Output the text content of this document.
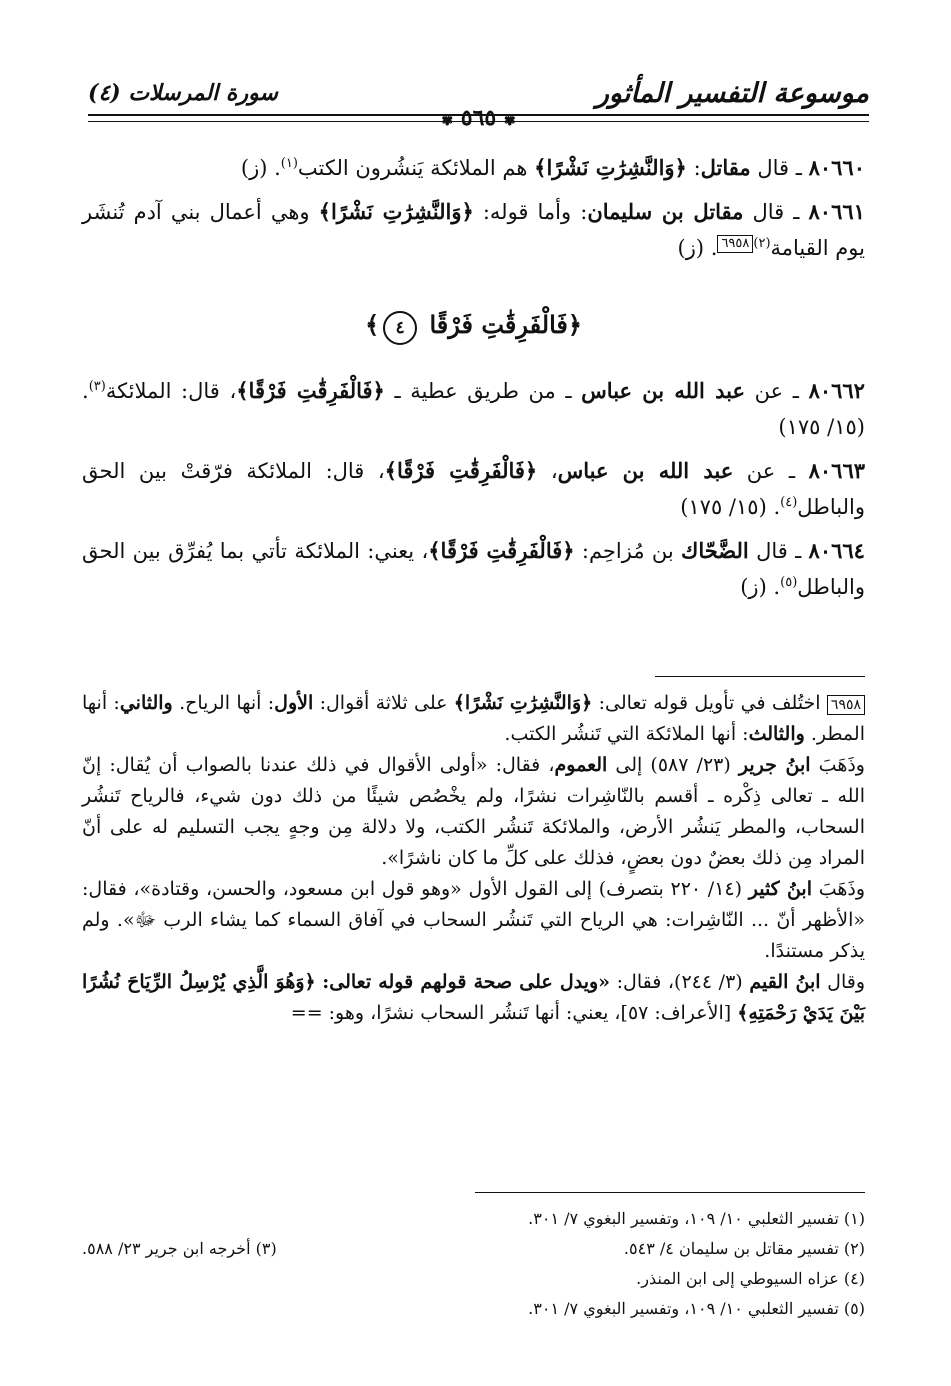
موسوعة التفسير المأثور
✾ ٥٦٥ ✾
سورة المرسلات (٤)

٨٠٦٦٠ ـ قال مقاتل: ﴿وَالنَّشِرَٰتِ نَشْرًا﴾ هم الملائكة يَنشُرون الكتب$^{(١)}$. (ز)

٨٠٦٦١ ـ قال مقاتل بن سليمان: وأما قوله: ﴿وَالنَّشِرَٰتِ نَشْرًا﴾ وهي أعمال بني آدم تُنشَر يوم القيامة$^{(٢)}$٦٩٥٨. (ز)

﴿فَالْفَرِقَٰتِ فَرْقًا ٤﴾

٨٠٦٦٢ ـ عن عبد الله بن عباس ـ من طريق عطية ـ ﴿فَالْفَرِقَٰتِ فَرْقًا﴾، قال: الملائكة$^{(٣)}$. (١٥/ ١٧٥)

٨٠٦٦٣ ـ عن عبد الله بن عباس، ﴿فَالْفَرِقَٰتِ فَرْقًا﴾، قال: الملائكة فرّقتْ بين الحق والباطل$^{(٤)}$. (١٥/ ١٧٥)

٨٠٦٦٤ ـ قال الضَّحّاك بن مُزاحِم: ﴿فَالْفَرِقَٰتِ فَرْقًا﴾، يعني: الملائكة تأتي بما يُفرِّق بين الحق والباطل$^{(٥)}$. (ز)

٦٩٥٨ اختُلف في تأويل قوله تعالى: ﴿وَالنَّشِرَٰتِ نَشْرًا﴾ على ثلاثة أقوال: الأول: أنها الرياح. والثاني: أنها المطر. والثالث: أنها الملائكة التي تَنشُر الكتب.

وذَهَبَ ابنُ جرير (٢٣/ ٥٨٧) إلى العموم، فقال: «أولى الأقوال في ذلك عندنا بالصواب أن يُقال: إنّ الله ـ تعالى ذِكْره ـ أقسم بالنّاشِرات نشرًا، ولم يخْصُص شيئًا من ذلك دون شيء، فالرياح تَنشُر السحاب، والمطر يَنشُر الأرض، والملائكة تَنشُر الكتب، ولا دلالة مِن وجهٍ يجب التسليم له على أنّ المراد مِن ذلك بعضٌ دون بعضٍ، فذلك على كلِّ ما كان ناشرًا».

وذَهَبَ ابنُ كثير (١٤/ ٢٢٠ بتصرف) إلى القول الأول «وهو قول ابن مسعود، والحسن، وقتادة»، فقال: «الأظهر أنّ ... النّاشِرات: هي الرياح التي تَنشُر السحاب في آفاق السماء كما يشاء الرب ﷻ». ولم يذكر مستندًا.

وقال ابنُ القيم (٣/ ٢٤٤)، فقال: «ويدل على صحة قولهم قوله تعالى: ﴿وَهُوَ الَّذِي يُرْسِلُ الرِّيَاحَ نُشُرًا بَيْنَ يَدَيْ رَحْمَتِهِ﴾ [الأعراف: ٥٧]، يعني: أنها تَنشُر السحاب نشرًا، وهو: ==

(١) تفسير الثعلبي ١٠/ ١٠٩، وتفسير البغوي ٧/ ٣٠١.

(٢) تفسير مقاتل بن سليمان ٤/ ٥٤٣.
(٣) أخرجه ابن جرير ٢٣/ ٥٨٨.

(٤) عزاه السيوطي إلى ابن المنذر.

(٥) تفسير الثعلبي ١٠/ ١٠٩، وتفسير البغوي ٧/ ٣٠١.
